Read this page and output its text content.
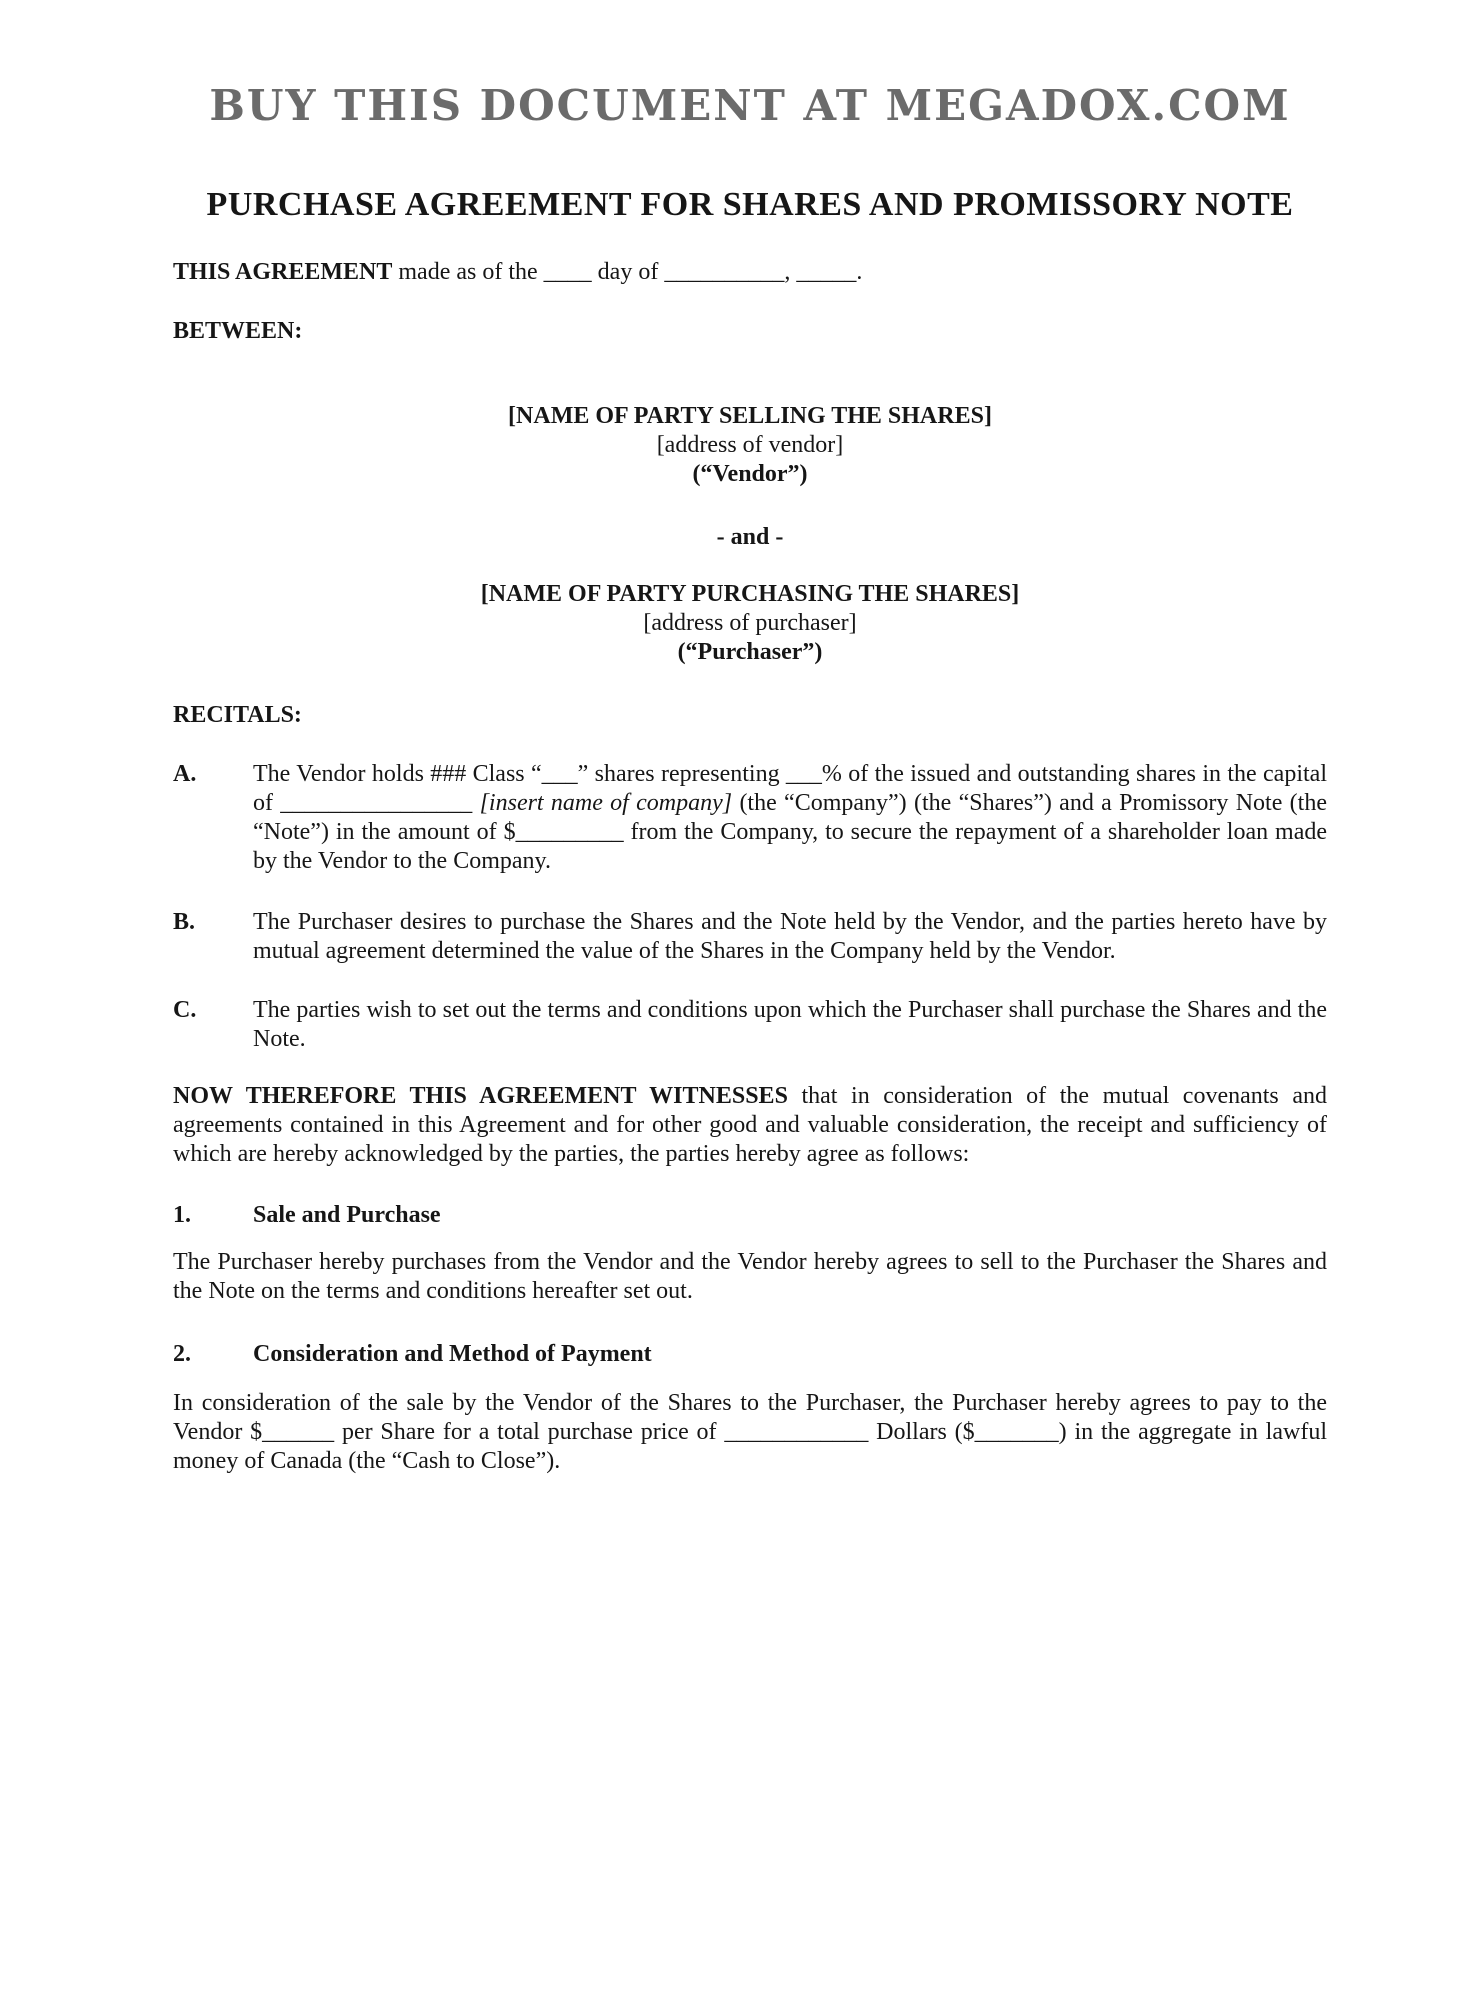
BUY THIS DOCUMENT AT MEGADOX.COM
PURCHASE AGREEMENT FOR SHARES AND PROMISSORY NOTE

THIS AGREEMENT made as of the ____ day of __________, _____.

BETWEEN:

[NAME OF PARTY SELLING THE SHARES]
[address of vendor]
(“Vendor”)
- and -
[NAME OF PARTY PURCHASING THE SHARES]
[address of purchaser]
(“Purchaser”)

RECITALS:

A.	The Vendor holds ### Class “___” shares representing ___% of the issued and outstanding shares in the capital of ________________ [insert name of company] (the “Company”) (the “Shares”) and a Promissory Note (the “Note”) in the amount of $_________ from the Company, to secure the repayment of a shareholder loan made by the Vendor to the Company.
B.	The Purchaser desires to purchase the Shares and the Note held by the Vendor, and the parties hereto have by mutual agreement determined the value of the Shares in the Company held by the Vendor.
C.	The parties wish to set out the terms and conditions upon which the Purchaser shall purchase the Shares and the Note.

NOW THEREFORE THIS AGREEMENT WITNESSES that in consideration of the mutual covenants and agreements contained in this Agreement and for other good and valuable consideration, the receipt and sufficiency of which are hereby acknowledged by the parties, the parties hereby agree as follows:

1.	Sale and Purchase

The Purchaser hereby purchases from the Vendor and the Vendor hereby agrees to sell to the Purchaser the Shares and the Note on the terms and conditions hereafter set out.

2.	Consideration and Method of Payment

In consideration of the sale by the Vendor of the Shares to the Purchaser, the Purchaser hereby agrees to pay to the Vendor $______ per Share for a total purchase price of ____________ Dollars ($_______) in the aggregate in lawful money of Canada (the “Cash to Close”).
